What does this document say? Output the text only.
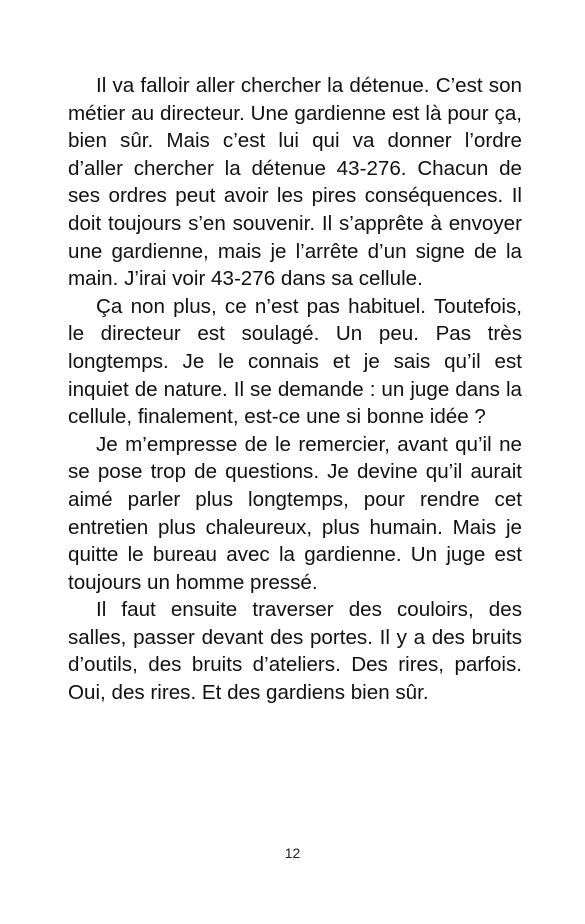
Il va falloir aller chercher la détenue. C’est son métier au directeur. Une gardienne est là pour ça, bien sûr. Mais c’est lui qui va donner l’ordre d’aller chercher la détenue 43-276. Chacun de ses ordres peut avoir les pires conséquences. Il doit toujours s’en souvenir. Il s’apprête à envoyer une gardienne, mais je l’arrête d’un signe de la main. J’irai voir 43-276 dans sa cellule.

Ça non plus, ce n’est pas habituel. Toutefois, le directeur est soulagé. Un peu. Pas très longtemps. Je le connais et je sais qu’il est inquiet de nature. Il se demande : un juge dans la cellule, finalement, est-ce une si bonne idée ?

Je m’empresse de le remercier, avant qu’il ne se pose trop de questions. Je devine qu’il aurait aimé parler plus longtemps, pour rendre cet entretien plus chaleureux, plus humain. Mais je quitte le bureau avec la gardienne. Un juge est toujours un homme pressé.

Il faut ensuite traverser des couloirs, des salles, passer devant des portes. Il y a des bruits d’outils, des bruits d’ateliers. Des rires, parfois. Oui, des rires. Et des gardiens bien sûr.

12
